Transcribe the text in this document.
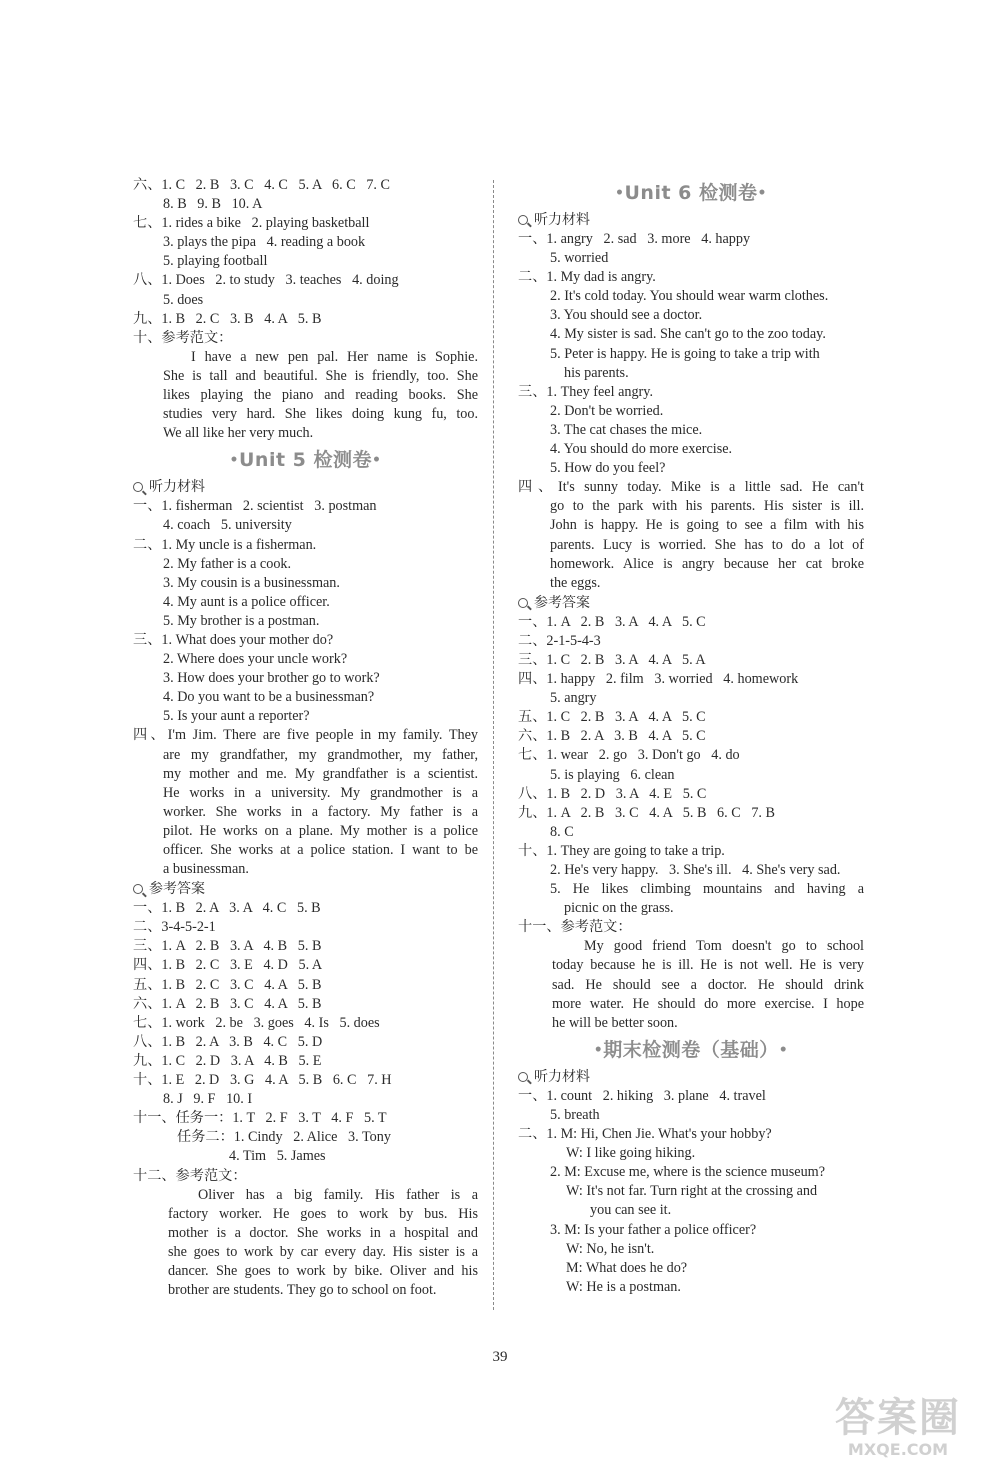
六、1. C   2. B   3. C   4. C   5. A   6. C   7. C
8. B   9. B   10. A
七、1. rides a bike   2. playing basketball
3. plays the pipa   4. reading a book
5. playing football
八、1. Does   2. to study   3. teaches   4. doing
5. does
九、1. B   2. C   3. B   4. A   5. B
十、参考范文：
I have a new pen pal. Her name is Sophie.
She is tall and beautiful. She is friendly, too. She
likes playing the piano and reading books. She
studies very hard. She likes doing kung fu, too.
We all like her very much.
•Unit 5 检测卷•
听力材料
一、1. fisherman   2. scientist   3. postman
4. coach   5. university
二、1. My uncle is a fisherman.
2. My father is a cook.
3. My cousin is a businessman.
4. My aunt is a police officer.
5. My brother is a postman.
三、1. What does your mother do?
2. Where does your uncle work?
3. How does your brother go to work?
4. Do you want to be a businessman?
5. Is your aunt a reporter?
四、I'm Jim. There are five people in my family. They
are my grandfather, my grandmother, my father,
my mother and me. My grandfather is a scientist.
He works in a university. My grandmother is a
worker. She works in a factory. My father is a
pilot. He works on a plane. My mother is a police
officer. She works at a police station. I want to be
a businessman.
参考答案
一、1. B   2. A   3. A   4. C   5. B
二、3-4-5-2-1
三、1. A   2. B   3. A   4. B   5. B
四、1. B   2. C   3. E   4. D   5. A
五、1. B   2. C   3. C   4. A   5. B
六、1. A   2. B   3. C   4. A   5. B
七、1. work   2. be   3. goes   4. Is   5. does
八、1. B   2. A   3. B   4. C   5. D
九、1. C   2. D   3. A   4. B   5. E
十、1. E   2. D   3. G   4. A   5. B   6. C   7. H
8. J   9. F   10. I
十一、任务一：1. T   2. F   3. T   4. F   5. T
任务二：1. Cindy   2. Alice   3. Tony
4. Tim   5. James
十二、参考范文：
Oliver has a big family. His father is a
factory worker. He goes to work by bus. His
mother is a doctor. She works in a hospital and
she goes to work by car every day. His sister is a
dancer. She goes to work by bike. Oliver and his
brother are students. They go to school on foot.
•Unit 6 检测卷•
听力材料
一、1. angry   2. sad   3. more   4. happy
5. worried
二、1. My dad is angry.
2. It's cold today. You should wear warm clothes.
3. You should see a doctor.
4. My sister is sad. She can't go to the zoo today.
5. Peter is happy. He is going to take a trip with
his parents.
三、1. They feel angry.
2. Don't be worried.
3. The cat chases the mice.
4. You should do more exercise.
5. How do you feel?
四、It's sunny today. Mike is a little sad. He can't
go to the park with his parents. His sister is ill.
John is happy. He is going to see a film with his
parents. Lucy is worried. She has to do a lot of
homework. Alice is angry because her cat broke
the eggs.
参考答案
一、1. A   2. B   3. A   4. A   5. C
二、2-1-5-4-3
三、1. C   2. B   3. A   4. A   5. A
四、1. happy   2. film   3. worried   4. homework
5. angry
五、1. C   2. B   3. A   4. A   5. C
六、1. B   2. A   3. B   4. A   5. C
七、1. wear   2. go   3. Don't go   4. do
5. is playing   6. clean
八、1. B   2. D   3. A   4. E   5. C
九、1. A   2. B   3. C   4. A   5. B   6. C   7. B
8. C
十、1. They are going to take a trip.
2. He's very happy.   3. She's ill.   4. She's very sad.
5. He likes climbing mountains and having a
picnic on the grass.
十一、参考范文：
My good friend Tom doesn't go to school
today because he is ill. He is not well. He is very
sad. He should see a doctor. He should drink
more water. He should do more exercise. I hope
he will be better soon.
•期末检测卷（基础）•
听力材料
一、1. count   2. hiking   3. plane   4. travel
5. breath
二、1. M: Hi, Chen Jie. What's your hobby?
W: I like going hiking.
2. M: Excuse me, where is the science museum?
W: It's not far. Turn right at the crossing and
you can see it.
3. M: Is your father a police officer?
W: No, he isn't.
M: What does he do?
W: He is a postman.
39
答案圈
MXQE.COM
